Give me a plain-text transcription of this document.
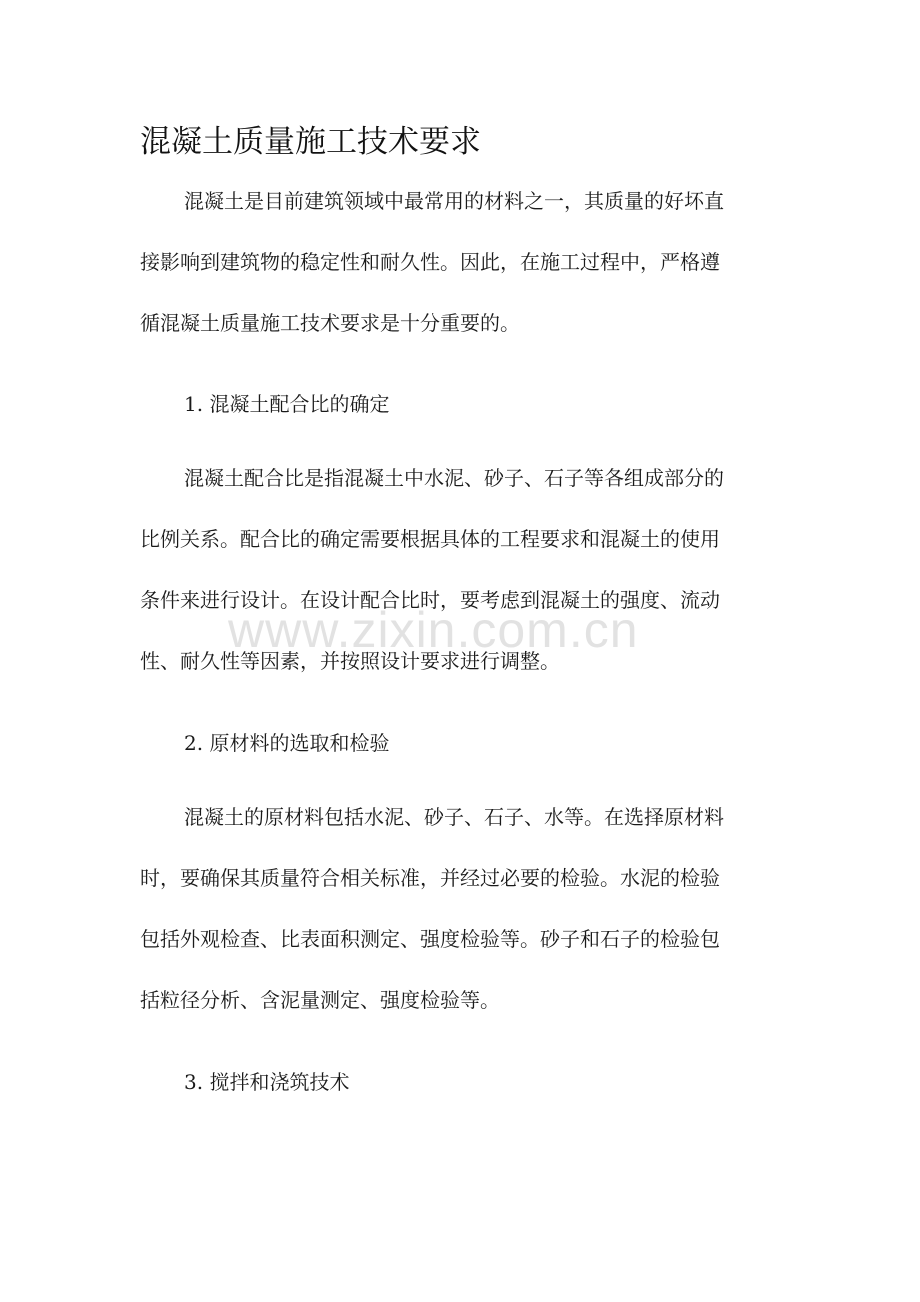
混凝土质量施工技术要求
混凝土是目前建筑领域中最常用的材料之一，其质量的好坏直
接影响到建筑物的稳定性和耐久性。因此，在施工过程中，严格遵
循混凝土质量施工技术要求是十分重要的。

1. 混凝土配合比的确定

混凝土配合比是指混凝土中水泥、砂子、石子等各组成部分的
比例关系。配合比的确定需要根据具体的工程要求和混凝土的使用
条件来进行设计。在设计配合比时，要考虑到混凝土的强度、流动
性、耐久性等因素，并按照设计要求进行调整。

2. 原材料的选取和检验

混凝土的原材料包括水泥、砂子、石子、水等。在选择原材料
时，要确保其质量符合相关标准，并经过必要的检验。水泥的检验
包括外观检查、比表面积测定、强度检验等。砂子和石子的检验包
括粒径分析、含泥量测定、强度检验等。

3. 搅拌和浇筑技术

www.zixin.com.cn
